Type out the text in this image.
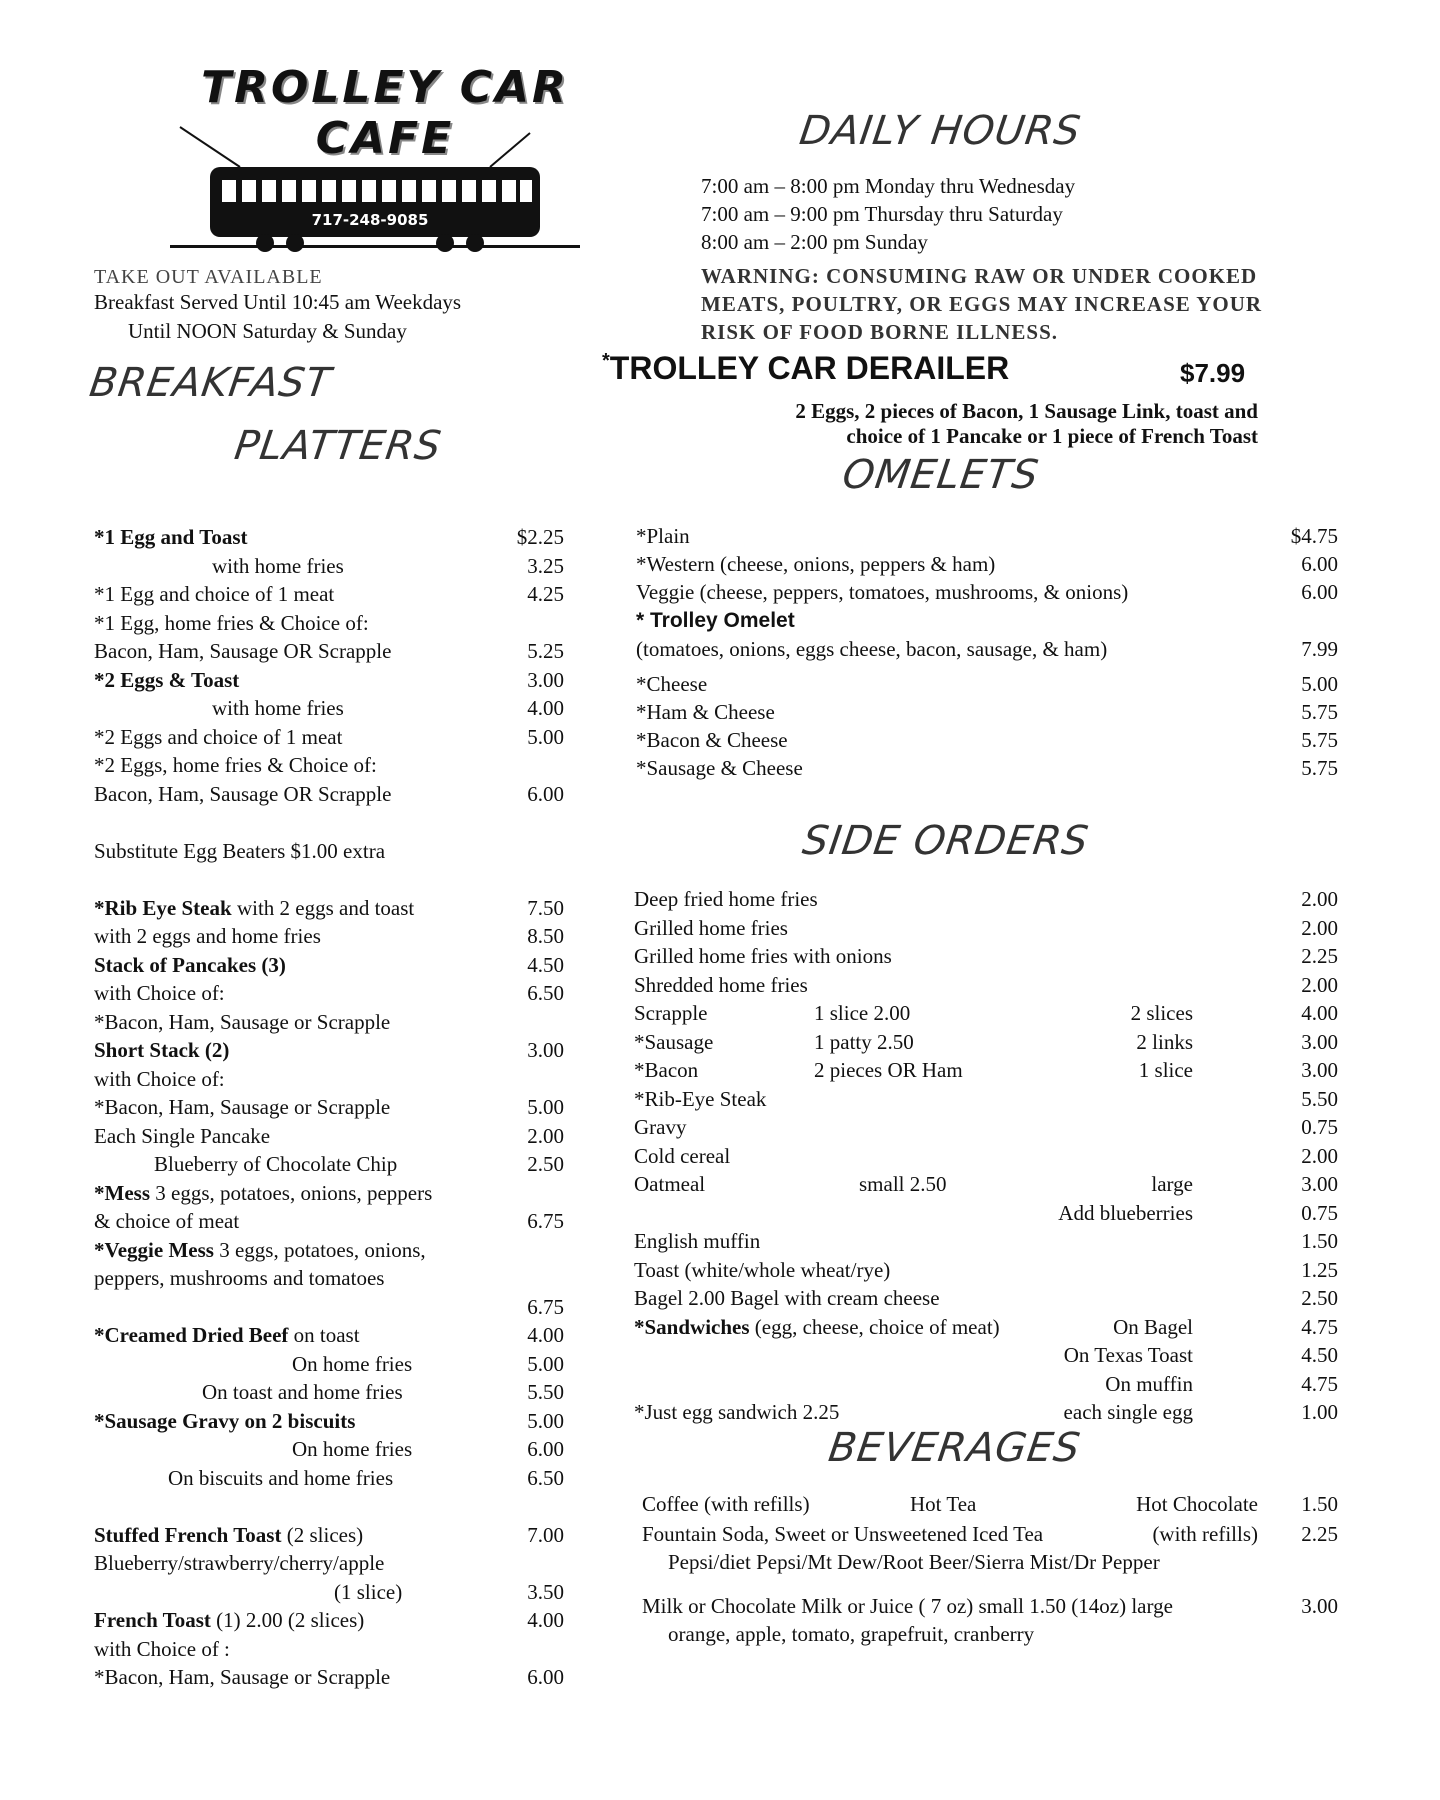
TROLLEY CAR CAFE
717-248-9085
TAKE OUT AVAILABLE
Breakfast Served Until 10:45 am Weekdays
Until NOON Saturday & Sunday
BREAKFAST
PLATTERS
*1 Egg and Toast	$2.25
with home fries	3.25
*1 Egg and choice of 1 meat	4.25
*1 Egg, home fries & Choice of:
Bacon, Ham, Sausage OR Scrapple	5.25
*2 Eggs & Toast	3.00
with home fries	4.00
*2 Eggs and choice of 1 meat	5.00
*2 Eggs, home fries & Choice of:
Bacon, Ham, Sausage OR Scrapple	6.00
Substitute Egg Beaters $1.00 extra
*Rib Eye Steak with 2 eggs and toast	7.50
with 2 eggs and home fries	8.50
Stack of Pancakes (3)	4.50
with Choice of:	6.50
*Bacon, Ham, Sausage or Scrapple
Short Stack (2)	3.00
with Choice of:
*Bacon, Ham, Sausage or Scrapple	5.00
Each Single Pancake	2.00
Blueberry of Chocolate Chip	2.50
*Mess 3 eggs, potatoes, onions, peppers
& choice of meat	6.75
*Veggie Mess 3 eggs, potatoes, onions,
peppers, mushrooms and tomatoes
6.75
*Creamed Dried Beef on toast	4.00
On home fries	5.00
On toast and home fries	5.50
*Sausage Gravy on 2 biscuits	5.00
On home fries	6.00
On biscuits and home fries	6.50
Stuffed French Toast (2 slices)	7.00
Blueberry/strawberry/cherry/apple
(1 slice)	3.50
French Toast (1) 2.00 (2 slices)	4.00
with Choice of :
*Bacon, Ham, Sausage or Scrapple	6.00
DAILY HOURS
7:00 am – 8:00 pm Monday thru Wednesday
7:00 am – 9:00 pm Thursday thru Saturday
8:00 am – 2:00 pm Sunday
WARNING: CONSUMING RAW OR UNDER COOKED
MEATS, POULTRY, OR EGGS MAY INCREASE YOUR
RISK OF FOOD BORNE ILLNESS.
*TROLLEY CAR DERAILER	$7.99
2 Eggs, 2 pieces of Bacon, 1 Sausage Link, toast and
choice of 1 Pancake or 1 piece of French Toast
OMELETS
*Plain	$4.75
*Western (cheese, onions, peppers & ham)	6.00
Veggie (cheese, peppers, tomatoes, mushrooms, & onions)	6.00
* Trolley Omelet
(tomatoes, onions, eggs cheese, bacon, sausage, & ham)	7.99
*Cheese	5.00
*Ham & Cheese	5.75
*Bacon & Cheese	5.75
*Sausage & Cheese	5.75
SIDE ORDERS
Deep fried home fries	2.00
Grilled home fries	2.00
Grilled home fries with onions	2.25
Shredded home fries	2.00
Scrapple	1 slice 2.00	2 slices	4.00
*Sausage	1 patty 2.50	2 links	3.00
*Bacon	2 pieces OR Ham	1 slice	3.00
*Rib-Eye Steak	5.50
Gravy	0.75
Cold cereal	2.00
Oatmeal	small 2.50	large	3.00
Add blueberries	0.75
English muffin	1.50
Toast (white/whole wheat/rye)	1.25
Bagel 2.00 Bagel with cream cheese	2.50
*Sandwiches (egg, cheese, choice of meat)	On Bagel	4.75
On Texas Toast	4.50
On muffin	4.75
*Just egg sandwich 2.25	each single egg	1.00
BEVERAGES
Coffee (with refills)	Hot Tea	Hot Chocolate 1.50
Fountain Soda, Sweet or Unsweetened Iced Tea	(with refills) 2.25
Pepsi/diet Pepsi/Mt Dew/Root Beer/Sierra Mist/Dr Pepper
Milk or Chocolate Milk or Juice ( 7 oz) small 1.50 (14oz) large	3.00
orange, apple, tomato, grapefruit, cranberry
